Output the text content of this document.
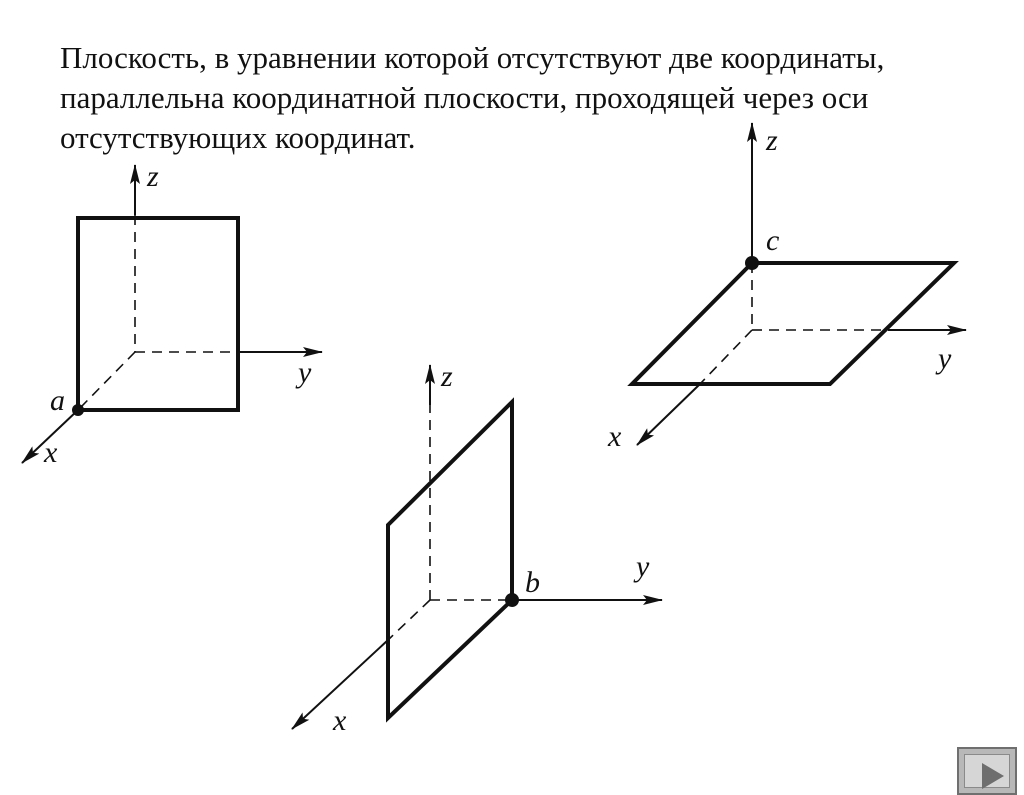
Плоскость, в уравнении которой отсутствуют две координаты,
параллельна координатной плоскости, проходящей через оси
отсутствующих координат.

z
y
x
a
z
y
x
b
z
y
x
c
